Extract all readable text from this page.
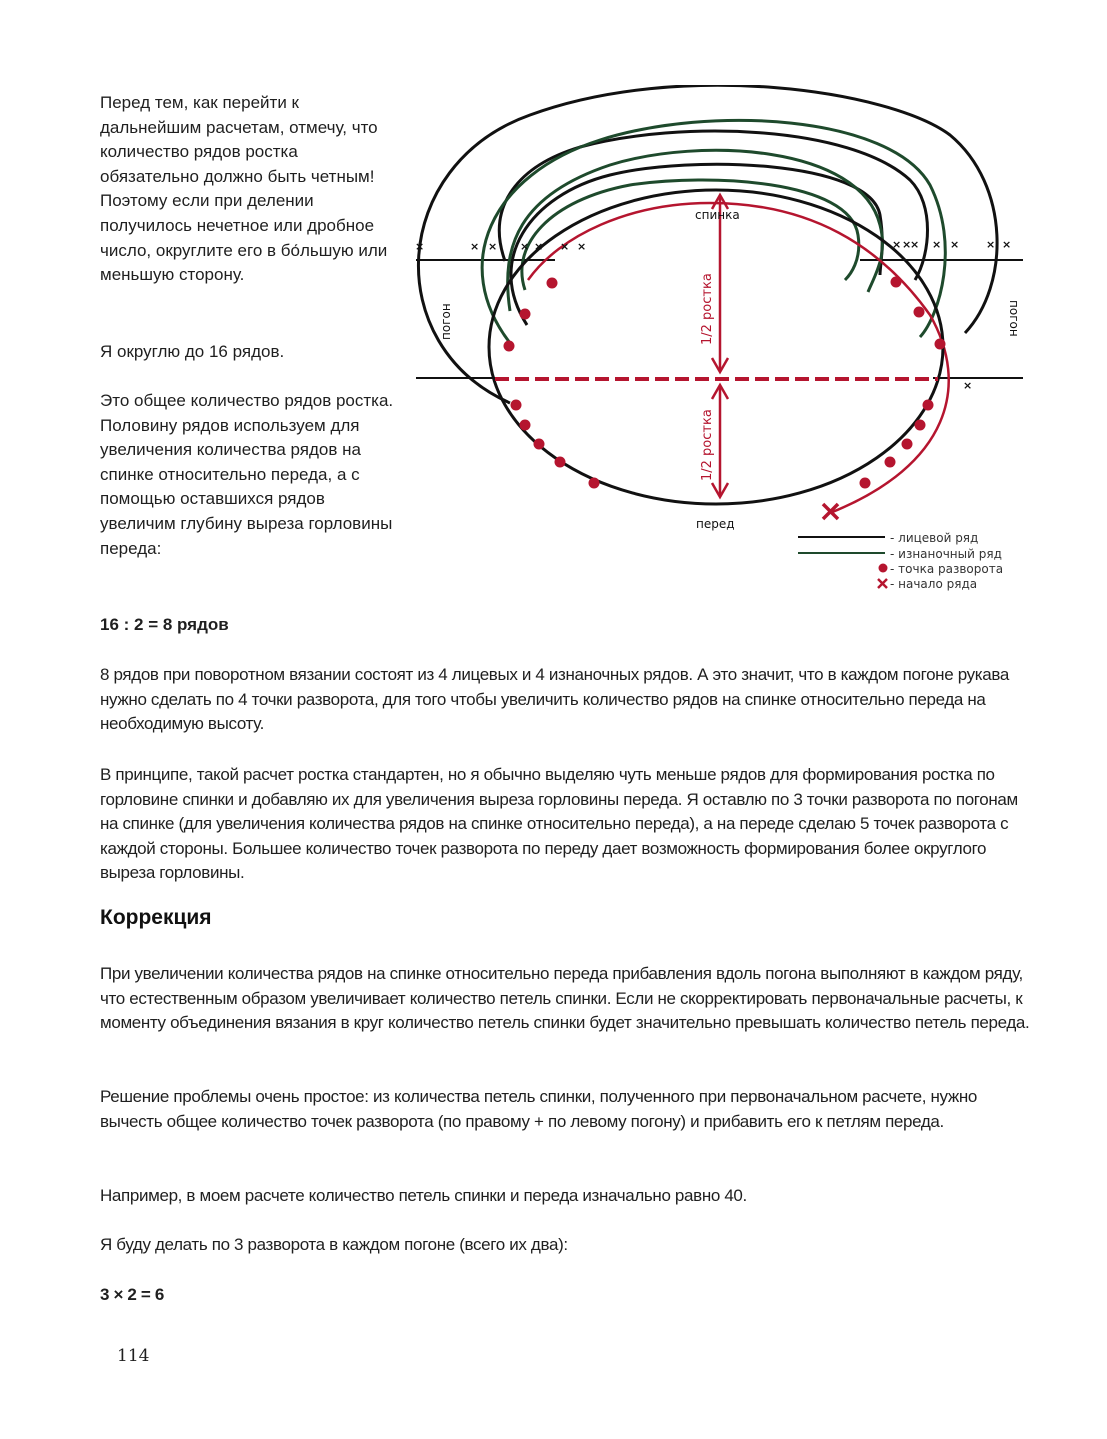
Перед тем, как перейти к дальнейшим расчетам, отмечу, что количество рядов ростка обязательно должно быть четным! Поэтому если при делении получилось нечетное или дробное число, округлите его в бо́льшую или меньшую сторону.

Я округлю до 16 рядов.

Это общее количество рядов ростка. Половину рядов используем для увеличения количества рядов на спинке относительно переда, а с помощью оставшихся рядов увеличим глубину выреза горловины переда:

16 : 2 = 8 рядов

1/2 ростка
1/2 ростка
спинка
перед
погон	погон
×	× × × × × ×	× ×
× × × × ×
×
- лицевой ряд
- изнаночный ряд
- точка разворота
- начало ряда

8 рядов при поворотном вязании состоят из 4 лицевых и 4 изнаночных рядов. А это значит, что в каждом погоне рукава нужно сделать по 4 точки разворота, для того чтобы увеличить количество рядов на спинке относительно переда на необходимую высоту.

В принципе, такой расчет ростка стандартен, но я обычно выделяю чуть меньше рядов для формирования ростка по горловине спинки и добавляю их для увеличения выреза горловины переда. Я оставлю по 3 точки разворота по погонам на спинке (для увеличения количества рядов на спинке относительно переда), а на переде сделаю 5 точек разворота с каждой стороны. Большее количество точек разворота по переду дает возможность формирования более округлого выреза горловины.

Коррекция

При увеличении количества рядов на спинке относительно переда прибавления вдоль погона выполняют в каждом ряду, что естественным образом увеличивает количество петель спинки. Если не скорректировать первоначальные расчеты, к моменту объединения вязания в круг количество петель спинки будет значительно превышать количество петель переда.

Решение проблемы очень простое: из количества петель спинки, полученного при первоначальном расчете, нужно вычесть общее количество точек разворота (по правому + по левому погону) и прибавить его к петлям переда.

Например, в моем расчете количество петель спинки и переда изначально равно 40.

Я буду делать по 3 разворота в каждом погоне (всего их два):

3 × 2 = 6

114
